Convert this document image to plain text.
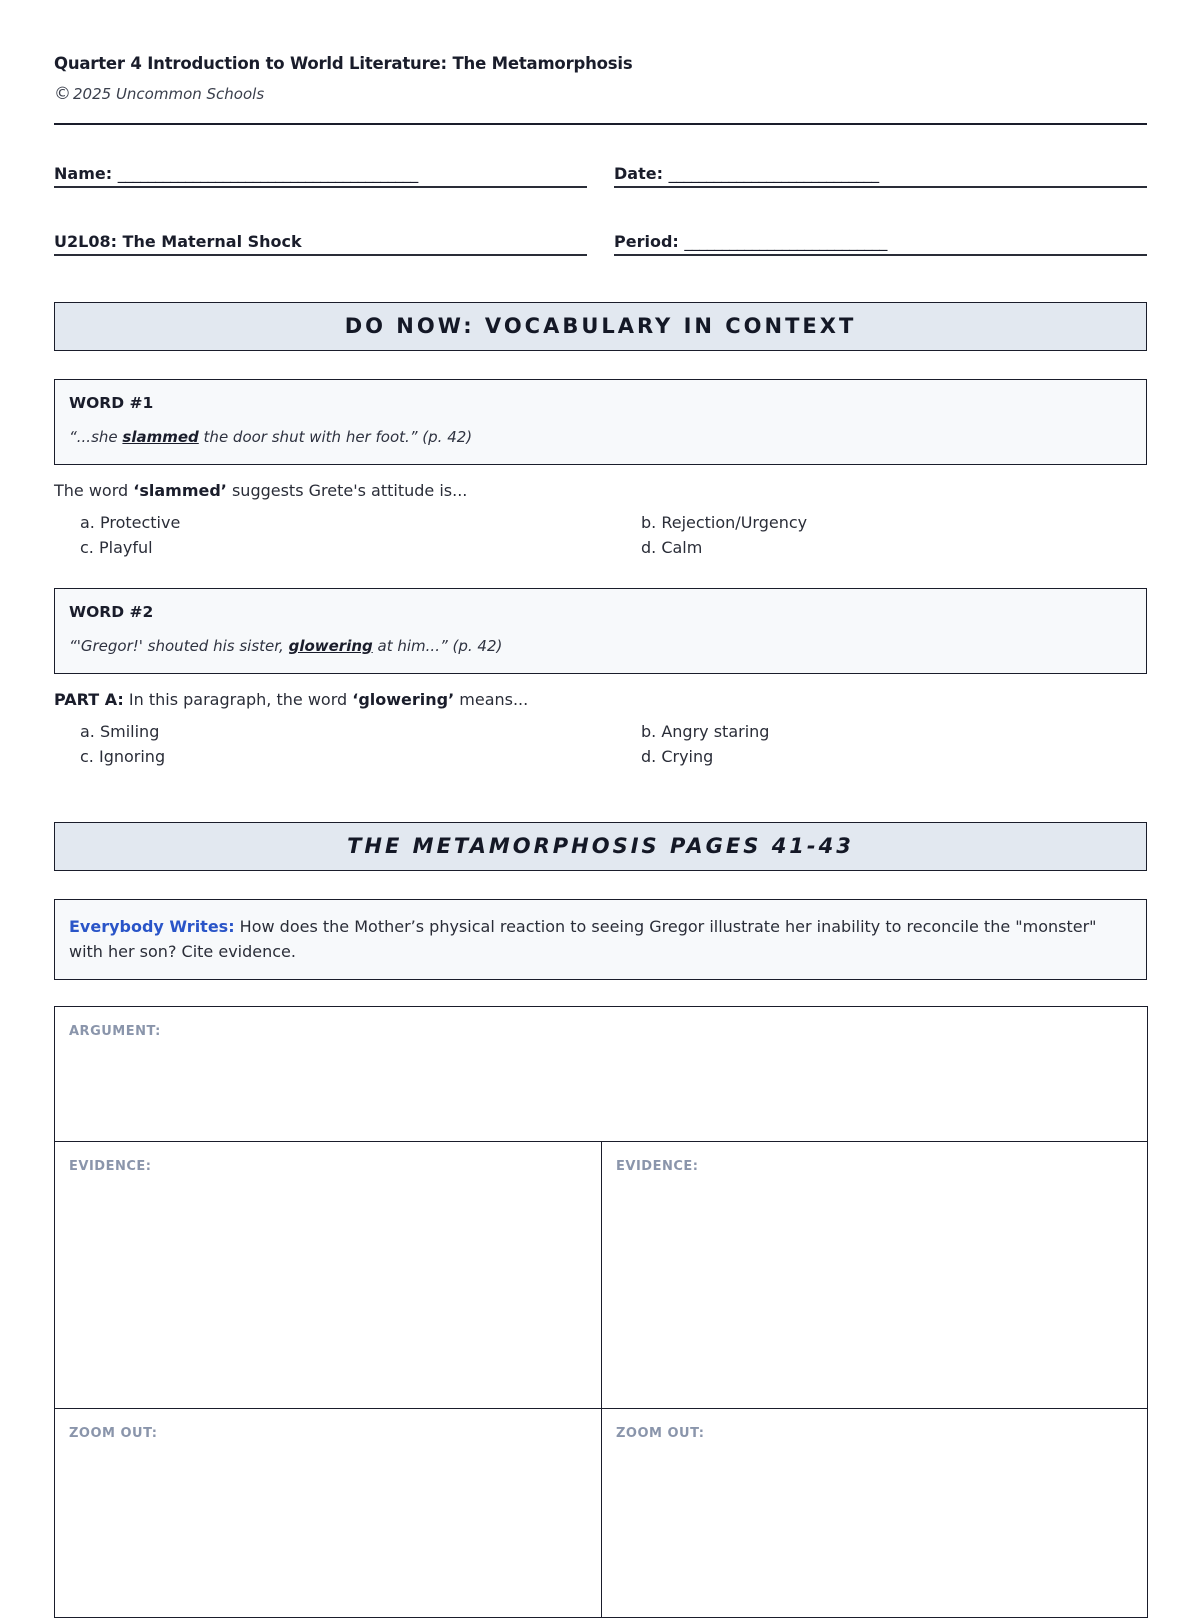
Quarter 4 Introduction to World Literature: The Metamorphosis
© 2025 Uncommon Schools
Name: ________________________________________	Date: ____________________________
U2L08: The Maternal Shock	Period: ___________________________
DO NOW: VOCABULARY IN CONTEXT
WORD #1
“...she slammed the door shut with her foot.” (p. 42)
The word ‘slammed’ suggests Grete's attitude is...
a. Protective	b. Rejection/Urgency
c. Playful	d. Calm
WORD #2
“'Gregor!' shouted his sister, glowering at him...” (p. 42)
PART A: In this paragraph, the word ‘glowering’ means...
a. Smiling	b. Angry staring
c. Ignoring	d. Crying
THE METAMORPHOSIS PAGES 41-43
Everybody Writes: How does the Mother’s physical reaction to seeing Gregor illustrate her inability to reconcile the "monster" with her son? Cite evidence.
ARGUMENT:
EVIDENCE:	EVIDENCE:
ZOOM OUT:	ZOOM OUT:
